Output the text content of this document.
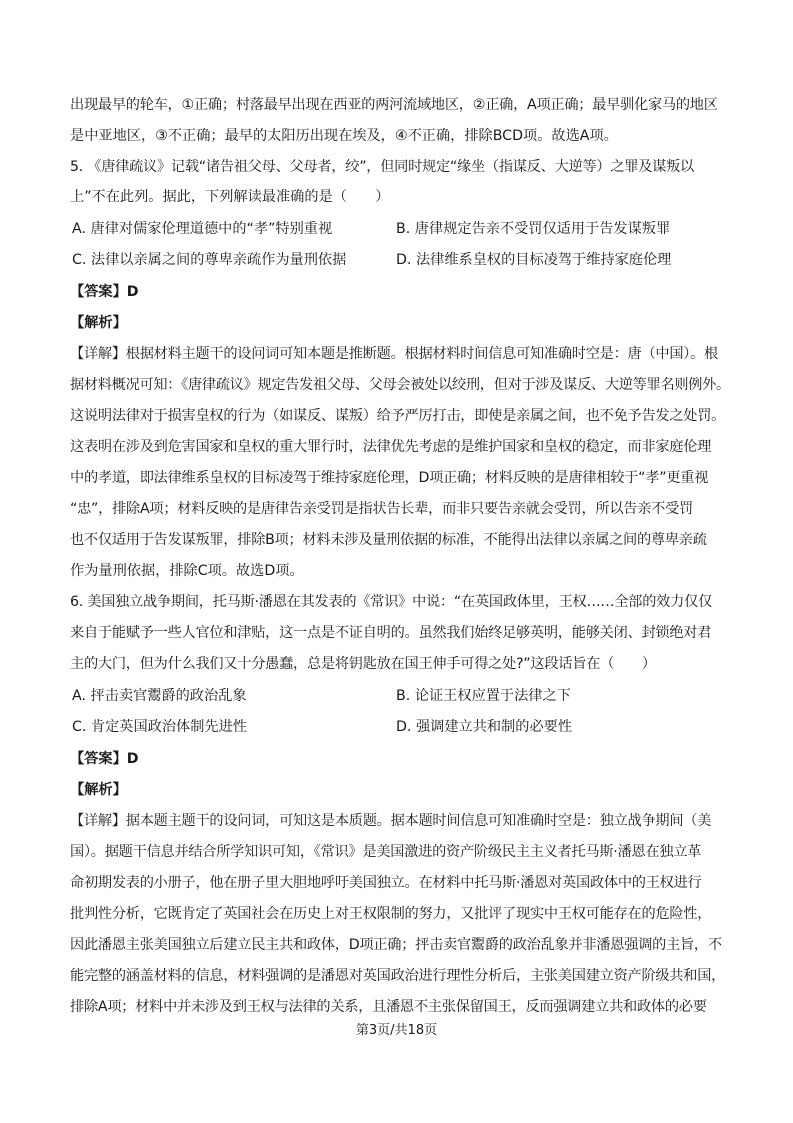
出现最早的轮车，①正确；村落最早出现在西亚的两河流域地区，②正确，A项正确；最早驯化家马的地区
是中亚地区，③不正确；最早的太阳历出现在埃及，④不正确，排除BCD项。故选A项。
5. 《唐律疏议》记载“诸告祖父母、父母者，绞”，但同时规定“缘坐（指谋反、大逆等）之罪及谋叛以
上”不在此列。据此，下列解读最准确的是（　　）
A. 唐律对儒家伦理道德中的“孝”特别重视	B. 唐律规定告亲不受罚仅适用于告发谋叛罪
C. 法律以亲属之间的尊卑亲疏作为量刑依据	D. 法律维系皇权的目标凌驾于维持家庭伦理
【答案】D
【解析】
【详解】根据材料主题干的设问词可知本题是推断题。根据材料时间信息可知准确时空是：唐（中国）。根
据材料概况可知：《唐律疏议》规定告发祖父母、父母会被处以绞刑，但对于涉及谋反、大逆等罪名则例外。
这说明法律对于损害皇权的行为（如谋反、谋叛）给予严厉打击，即使是亲属之间，也不免予告发之处罚。
这表明在涉及到危害国家和皇权的重大罪行时，法律优先考虑的是维护国家和皇权的稳定，而非家庭伦理
中的孝道，即法律维系皇权的目标凌驾于维持家庭伦理，D项正确；材料反映的是唐律相较于“孝”更重视
“忠”，排除A项；材料反映的是唐律告亲受罚是指状告长辈，而非只要告亲就会受罚，所以告亲不受罚
也不仅适用于告发谋叛罪，排除B项；材料未涉及量刑依据的标准，不能得出法律以亲属之间的尊卑亲疏
作为量刑依据，排除C项。故选D项。
6. 美国独立战争期间，托马斯·潘恩在其发表的《常识》中说：“在英国政体里，王权……全部的效力仅仅
来自于能赋予一些人官位和津贴，这一点是不证自明的。虽然我们始终足够英明，能够关闭、封锁绝对君
主的大门，但为什么我们又十分愚蠢，总是将钥匙放在国王伸手可得之处?”这段话旨在（　　）
A. 抨击卖官鬻爵的政治乱象	B. 论证王权应置于法律之下
C. 肯定英国政治体制先进性	D. 强调建立共和制的必要性
【答案】D
【解析】
【详解】据本题主题干的设问词，可知这是本质题。据本题时间信息可知准确时空是：独立战争期间（美
国）。据题干信息并结合所学知识可知，《常识》是美国激进的资产阶级民主主义者托马斯·潘恩在独立革
命初期发表的小册子，他在册子里大胆地呼吁美国独立。在材料中托马斯·潘恩对英国政体中的王权进行
批判性分析，它既肯定了英国社会在历史上对王权限制的努力，又批评了现实中王权可能存在的危险性，
因此潘恩主张美国独立后建立民主共和政体，D项正确；抨击卖官鬻爵的政治乱象并非潘恩强调的主旨，不
能完整的涵盖材料的信息，材料强调的是潘恩对英国政治进行理性分析后，主张美国建立资产阶级共和国，
排除A项；材料中并未涉及到王权与法律的关系，且潘恩不主张保留国王，反而强调建立共和政体的必要
第3页/共18页
